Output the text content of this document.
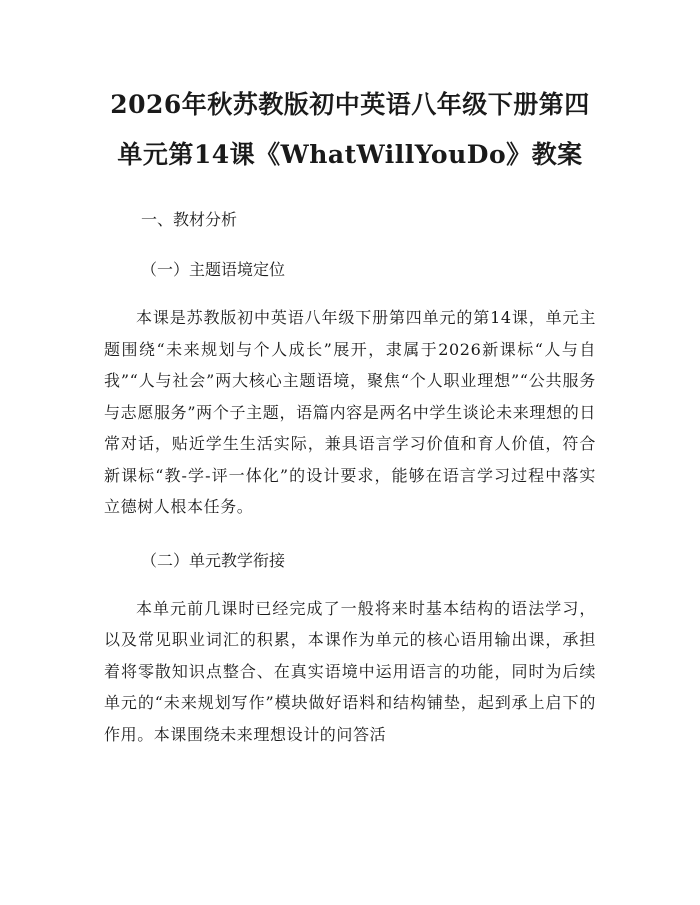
2026年秋苏教版初中英语八年级下册第四单元第14课《WhatWillYouDo》教案

一、教材分析

（一）主题语境定位

本课是苏教版初中英语八年级下册第四单元的第14课，单元主题围绕“未来规划与个人成长”展开，隶属于2026新课标“人与自我”“人与社会”两大核心主题语境，聚焦“个人职业理想”“公共服务与志愿服务”两个子主题，语篇内容是两名中学生谈论未来理想的日常对话，贴近学生生活实际，兼具语言学习价值和育人价值，符合新课标“教-学-评一体化”的设计要求，能够在语言学习过程中落实立德树人根本任务。

（二）单元教学衔接

本单元前几课时已经完成了一般将来时基本结构的语法学习，以及常见职业词汇的积累，本课作为单元的核心语用输出课，承担着将零散知识点整合、在真实语境中运用语言的功能，同时为后续单元的“未来规划写作”模块做好语料和结构铺垫，起到承上启下的作用。本课围绕未来理想设计的问答活
